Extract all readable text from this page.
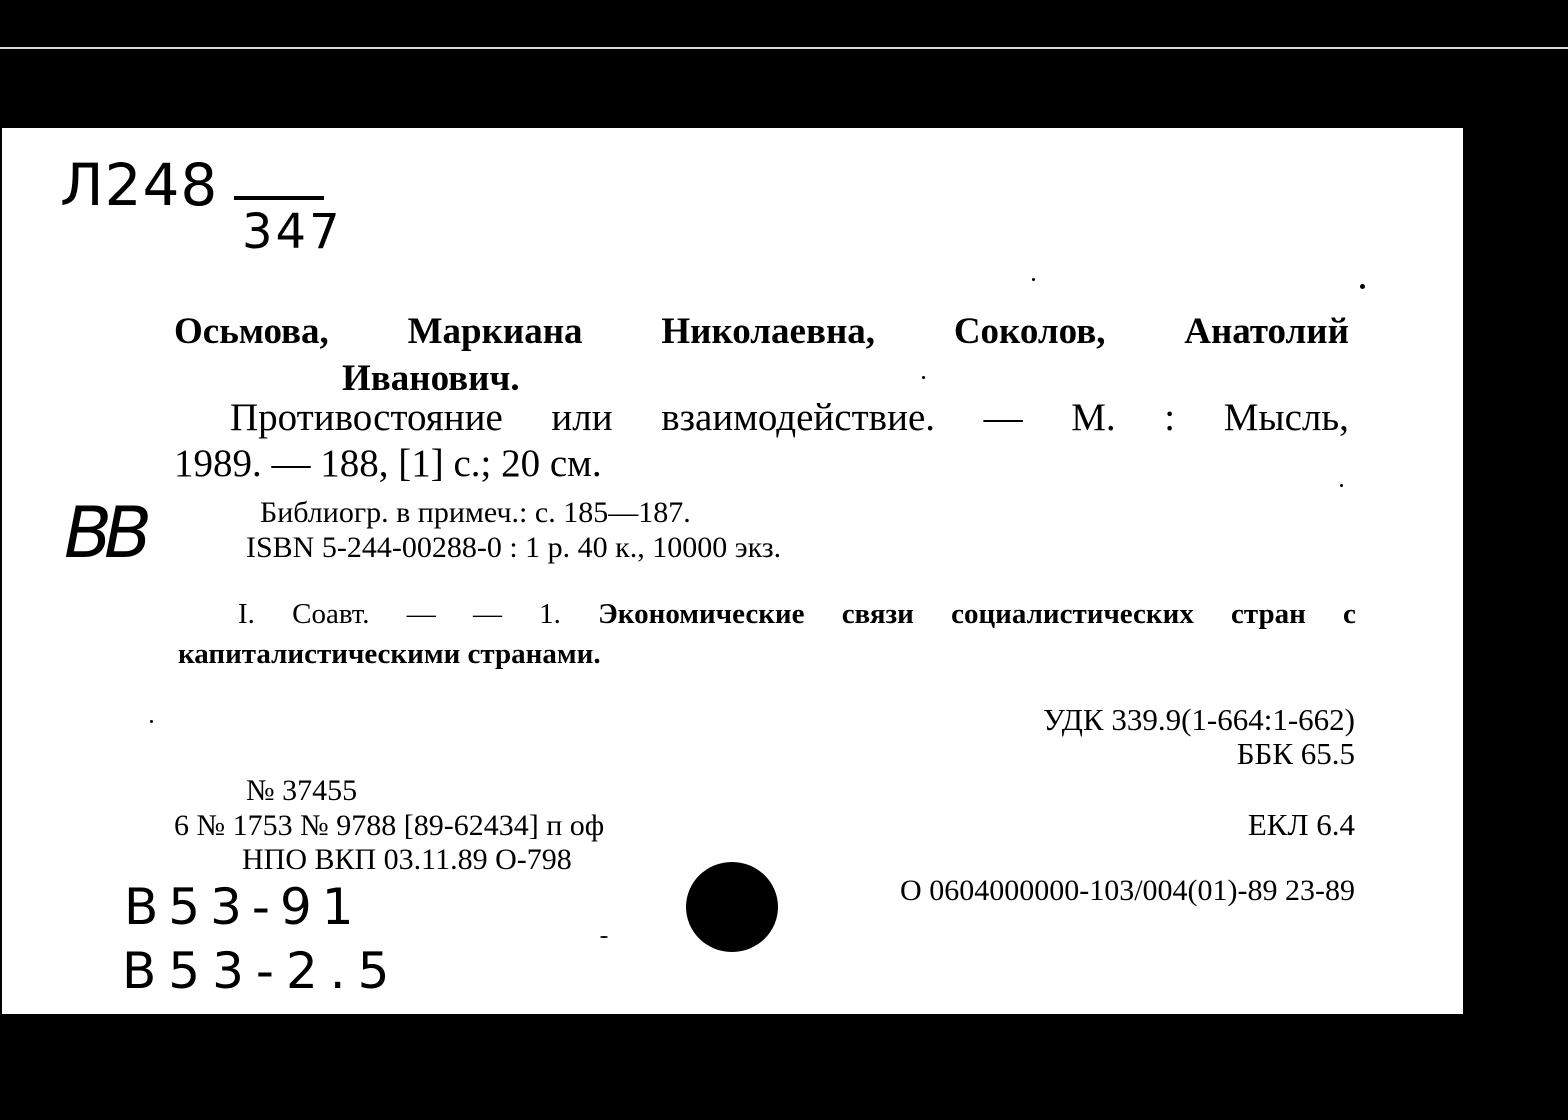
Л248
347
Осьмова, Маркиана Николаевна, Соколов, Анатолий
Иванович.
Противостояние или взаимодействие. — М. : Мысль,
1989. — 188, [1] с.; 20 см.
ВВ	Библиогр. в примеч.: с. 185—187.
ISBN 5-244-00288-0 : 1 р. 40 к., 10000 экз.
I. Соавт. — — 1. Экономические связи социалистических стран с
капиталистическими странами.
УДК 339.9(1-664:1-662)
ББК 65.5
№ 37455
6 № 1753 № 9788 [89-62434] п оф	ЕКЛ 6.4
НПО ВКП 03.11.89 О-798
О 0604000000-103/004(01)-89 23-89
В53-91
В53-2.5
